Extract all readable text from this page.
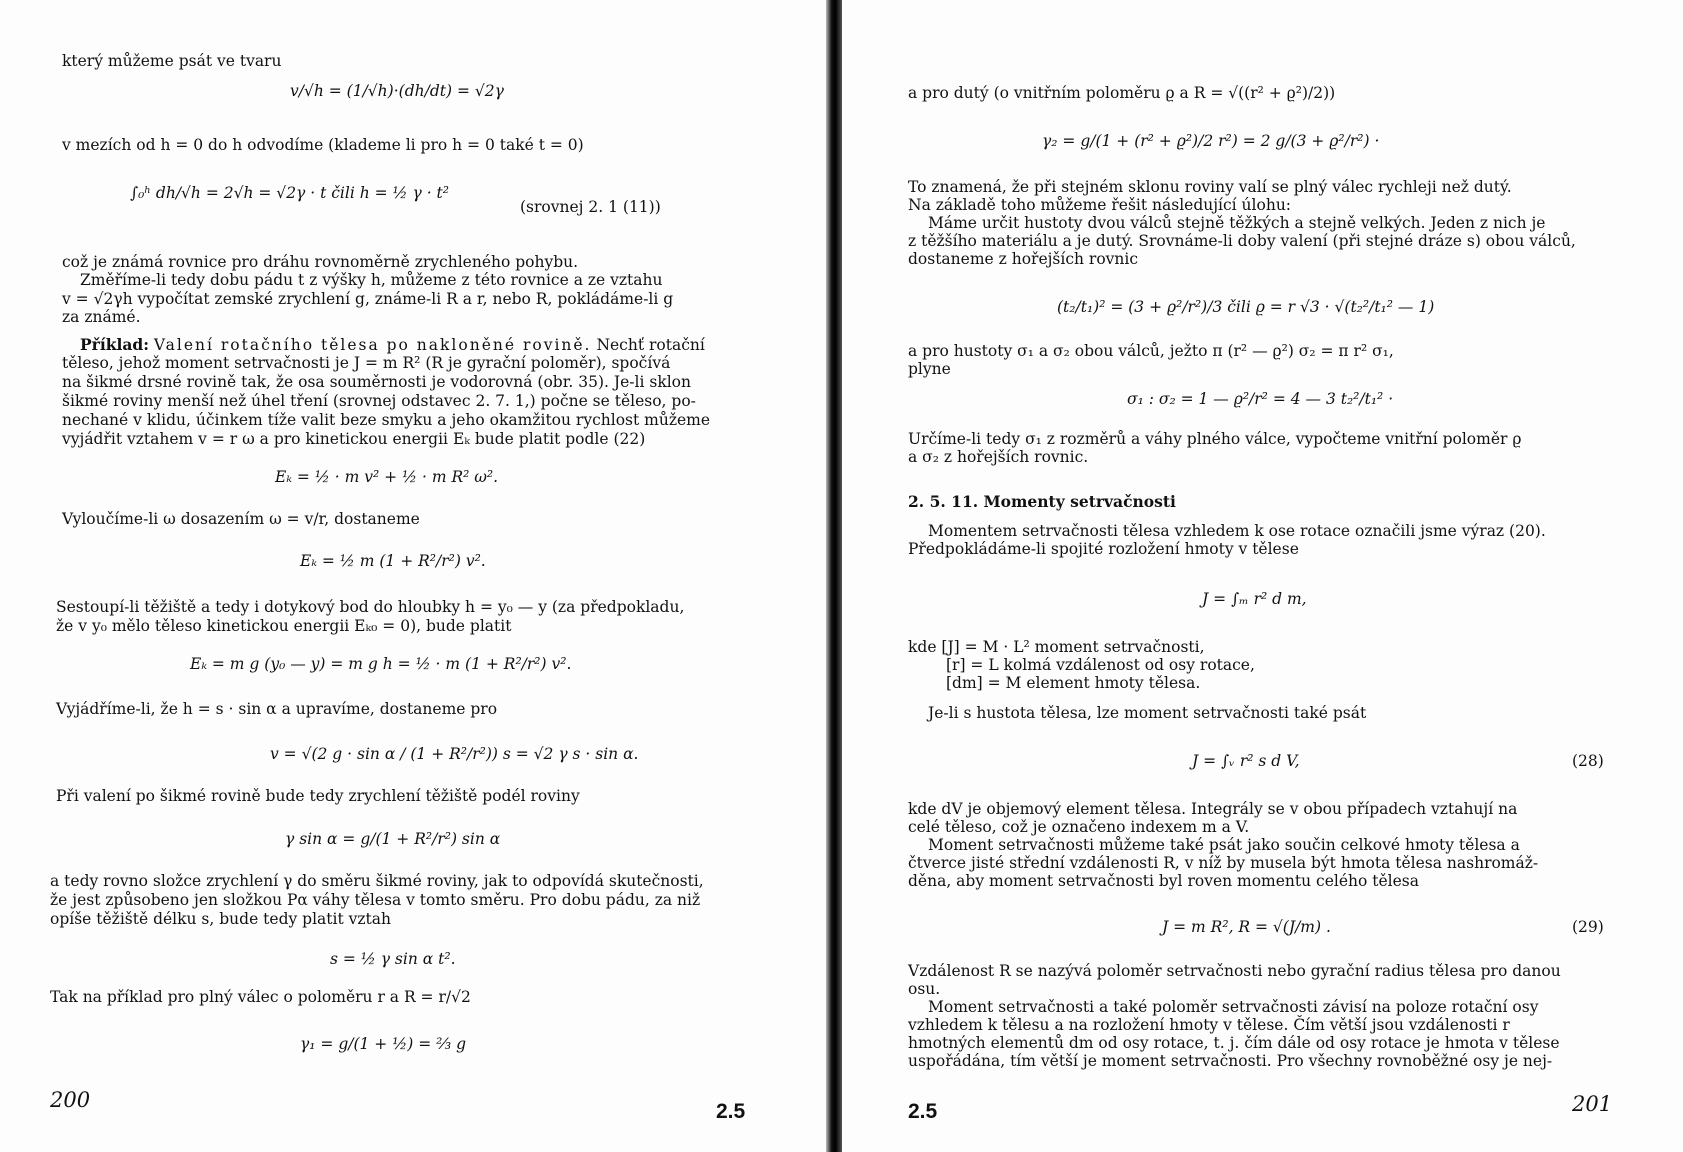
který můžeme psát ve tvaru
v/√h = (1/√h)·(dh/dt) = √2γ
v mezích od h = 0 do h odvodíme (klademe li pro h = 0 také t = 0)
∫₀ʰ dh/√h = 2√h = √2γ · t čili h = ½ γ · t²
(srovnej 2. 1 (11))
což je známá rovnice pro dráhu rovnoměrně zrychleného pohybu.
Změříme-li tedy dobu pádu t z výšky h, můžeme z této rovnice a ze vztahu
v = √2γh vypočítat zemské zrychlení g, známe-li R a r, nebo R, pokládáme-li g
za známé.
Příklad: Valení rotačního tělesa po nakloněné rovině. Nechť rotační
těleso, jehož moment setrvačnosti je J = m R² (R je gyrační poloměr), spočívá
na šikmé drsné rovině tak, že osa souměrnosti je vodorovná (obr. 35). Je-li sklon
šikmé roviny menší než úhel tření (srovnej odstavec 2. 7. 1,) počne se těleso, po-
nechané v klidu, účinkem tíže valit beze smyku a jeho okamžitou rychlost můžeme
vyjádřit vztahem v = r ω a pro kinetickou energii Eₖ bude platit podle (22)
Eₖ = ½ · m v² + ½ · m R² ω².
Vyloučíme-li ω dosazením ω = v/r, dostaneme
Eₖ = ½ m (1 + R²/r²) v².
Sestoupí-li těžiště a tedy i dotykový bod do hloubky h = y₀ — y (za předpokladu,
že v y₀ mělo těleso kinetickou energii Eₖ₀ = 0), bude platit
Eₖ = m g (y₀ — y) = m g h = ½ · m (1 + R²/r²) v².
Vyjádříme-li, že h = s · sin α a upravíme, dostaneme pro
v = √(2 g · sin α / (1 + R²/r²)) s = √2 γ s · sin α.
Při valení po šikmé rovině bude tedy zrychlení těžiště podél roviny
γ sin α = g/(1 + R²/r²) sin α
a tedy rovno složce zrychlení γ do směru šikmé roviny, jak to odpovídá skutečnosti,
že jest způsobeno jen složkou Pα váhy tělesa v tomto směru. Pro dobu pádu, za niž
opíše těžiště délku s, bude tedy platit vztah
s = ½ γ sin α t².
Tak na příklad pro plný válec o poloměru r a R = r/√2
γ₁ = g/(1 + ½) = ⅔ g
200	2.5
a pro dutý (o vnitřním poloměru ϱ a R = √((r² + ϱ²)/2))
γ₂ = g/(1 + (r² + ϱ²)/2 r²) = 2 g/(3 + ϱ²/r²) ·
To znamená, že při stejném sklonu roviny valí se plný válec rychleji než dutý.
Na základě toho můžeme řešit následující úlohu:
Máme určit hustoty dvou válců stejně těžkých a stejně velkých. Jeden z nich je
z těžšího materiálu a je dutý. Srovnáme-li doby valení (při stejné dráze s) obou válců,
dostaneme z hořejších rovnic
(t₂/t₁)² = (3 + ϱ²/r²)/3 čili ϱ = r √3 · √(t₂²/t₁² — 1)
a pro hustoty σ₁ a σ₂ obou válců, ježto π (r² — ϱ²) σ₂ = π r² σ₁,
plyne
σ₁ : σ₂ = 1 — ϱ²/r² = 4 — 3 t₂²/t₁² ·
Určíme-li tedy σ₁ z rozměrů a váhy plného válce, vypočteme vnitřní poloměr ϱ
a σ₂ z hořejších rovnic.
2. 5. 11. Momenty setrvačnosti
Momentem setrvačnosti tělesa vzhledem k ose rotace označili jsme výraz (20).
Předpokládáme-li spojité rozložení hmoty v tělese
J = ∫ₘ r² d m,
kde [J] = M · L² moment setrvačnosti,
[r] = L kolmá vzdálenost od osy rotace,
[dm] = M element hmoty tělesa.
Je-li s hustota tělesa, lze moment setrvačnosti také psát
J = ∫ᵥ r² s d V,	(28)
kde dV je objemový element tělesa. Integrály se v obou případech vztahují na
celé těleso, což je označeno indexem m a V.
Moment setrvačnosti můžeme také psát jako součin celkové hmoty tělesa a
čtverce jisté střední vzdálenosti R, v níž by musela být hmota tělesa nashromáž-
děna, aby moment setrvačnosti byl roven momentu celého tělesa
J = m R², R = √(J/m) .	(29)
Vzdálenost R se nazývá poloměr setrvačnosti nebo gyrační radius tělesa pro danou
osu.
Moment setrvačnosti a také poloměr setrvačnosti závisí na poloze rotační osy
vzhledem k tělesu a na rozložení hmoty v tělese. Čím větší jsou vzdálenosti r
hmotných elementů dm od osy rotace, t. j. čím dále od osy rotace je hmota v tělese
uspořádána, tím větší je moment setrvačnosti. Pro všechny rovnoběžné osy je nej-
2.5	201
